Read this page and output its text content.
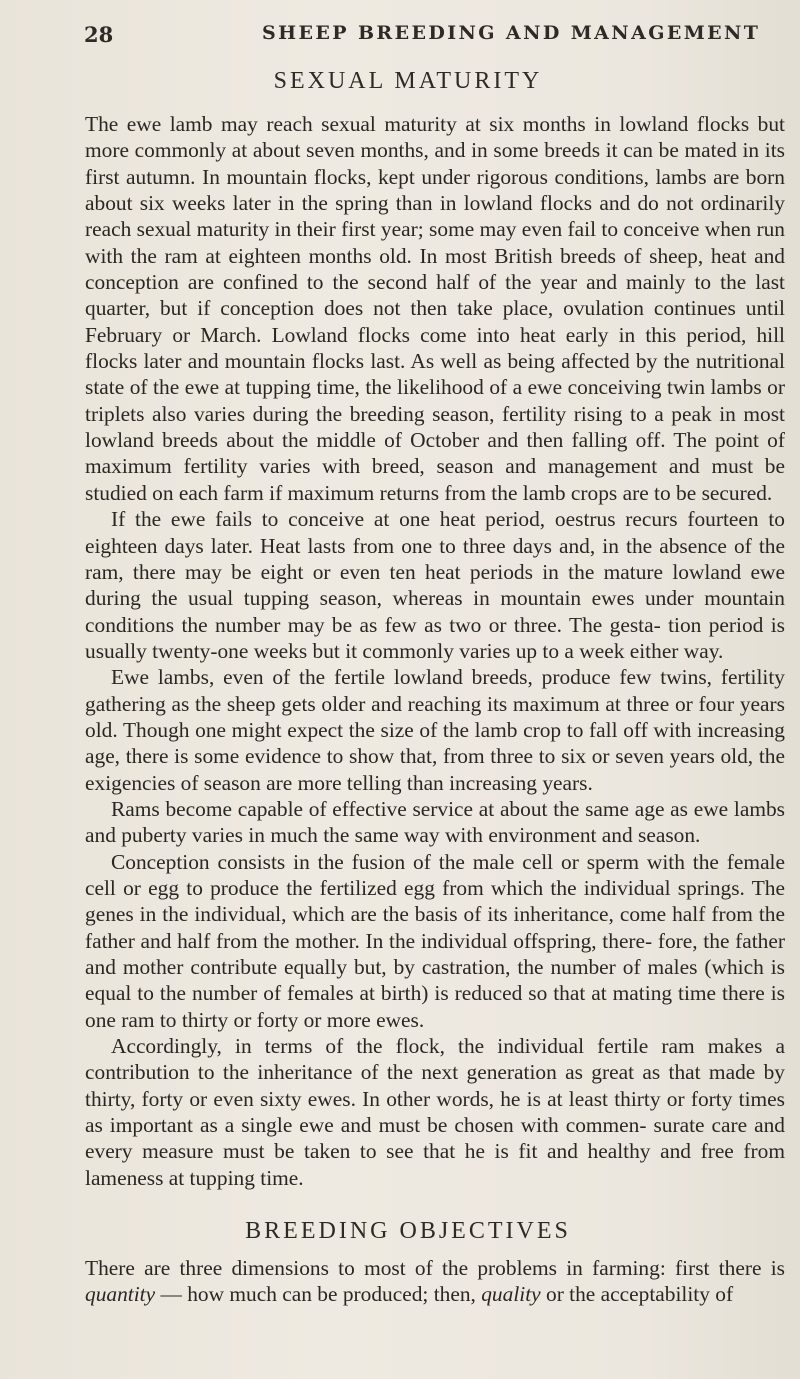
28	SHEEP BREEDING AND MANAGEMENT
SEXUAL MATURITY

The ewe lamb may reach sexual maturity at six months in lowland flocks but more commonly at about seven months, and in some breeds it can be mated in its first autumn. In mountain flocks, kept under rigorous conditions, lambs are born about six weeks later in the spring than in lowland flocks and do not ordinarily reach sexual maturity in their first year; some may even fail to conceive when run with the ram at eighteen months old. In most British breeds of sheep, heat and conception are confined to the second half of the year and mainly to the last quarter, but if conception does not then take place, ovulation continues until February or March. Lowland flocks come into heat early in this period, hill flocks later and mountain flocks last. As well as being affected by the nutritional state of the ewe at tupping time, the likelihood of a ewe conceiving twin lambs or triplets also varies during the breeding season, fertility rising to a peak in most lowland breeds about the middle of October and then falling off. The point of maximum fertility varies with breed, season and management and must be studied on each farm if maximum returns from the lamb crops are to be secured.

If the ewe fails to conceive at one heat period, oestrus recurs fourteen to eighteen days later. Heat lasts from one to three days and, in the absence of the ram, there may be eight or even ten heat periods in the mature lowland ewe during the usual tupping season, whereas in mountain ewes under mountain conditions the number may be as few as two or three. The gesta- tion period is usually twenty-one weeks but it commonly varies up to a week either way.

Ewe lambs, even of the fertile lowland breeds, produce few twins, fertility gathering as the sheep gets older and reaching its maximum at three or four years old. Though one might expect the size of the lamb crop to fall off with increasing age, there is some evidence to show that, from three to six or seven years old, the exigencies of season are more telling than increasing years.

Rams become capable of effective service at about the same age as ewe lambs and puberty varies in much the same way with environment and season.

Conception consists in the fusion of the male cell or sperm with the female cell or egg to produce the fertilized egg from which the individual springs. The genes in the individual, which are the basis of its inheritance, come half from the father and half from the mother. In the individual offspring, there- fore, the father and mother contribute equally but, by castration, the number of males (which is equal to the number of females at birth) is reduced so that at mating time there is one ram to thirty or forty or more ewes.

Accordingly, in terms of the flock, the individual fertile ram makes a contribution to the inheritance of the next generation as great as that made by thirty, forty or even sixty ewes. In other words, he is at least thirty or forty times as important as a single ewe and must be chosen with commen- surate care and every measure must be taken to see that he is fit and healthy and free from lameness at tupping time.

BREEDING OBJECTIVES

There are three dimensions to most of the problems in farming: first there is quantity — how much can be produced; then, quality or the acceptability of
